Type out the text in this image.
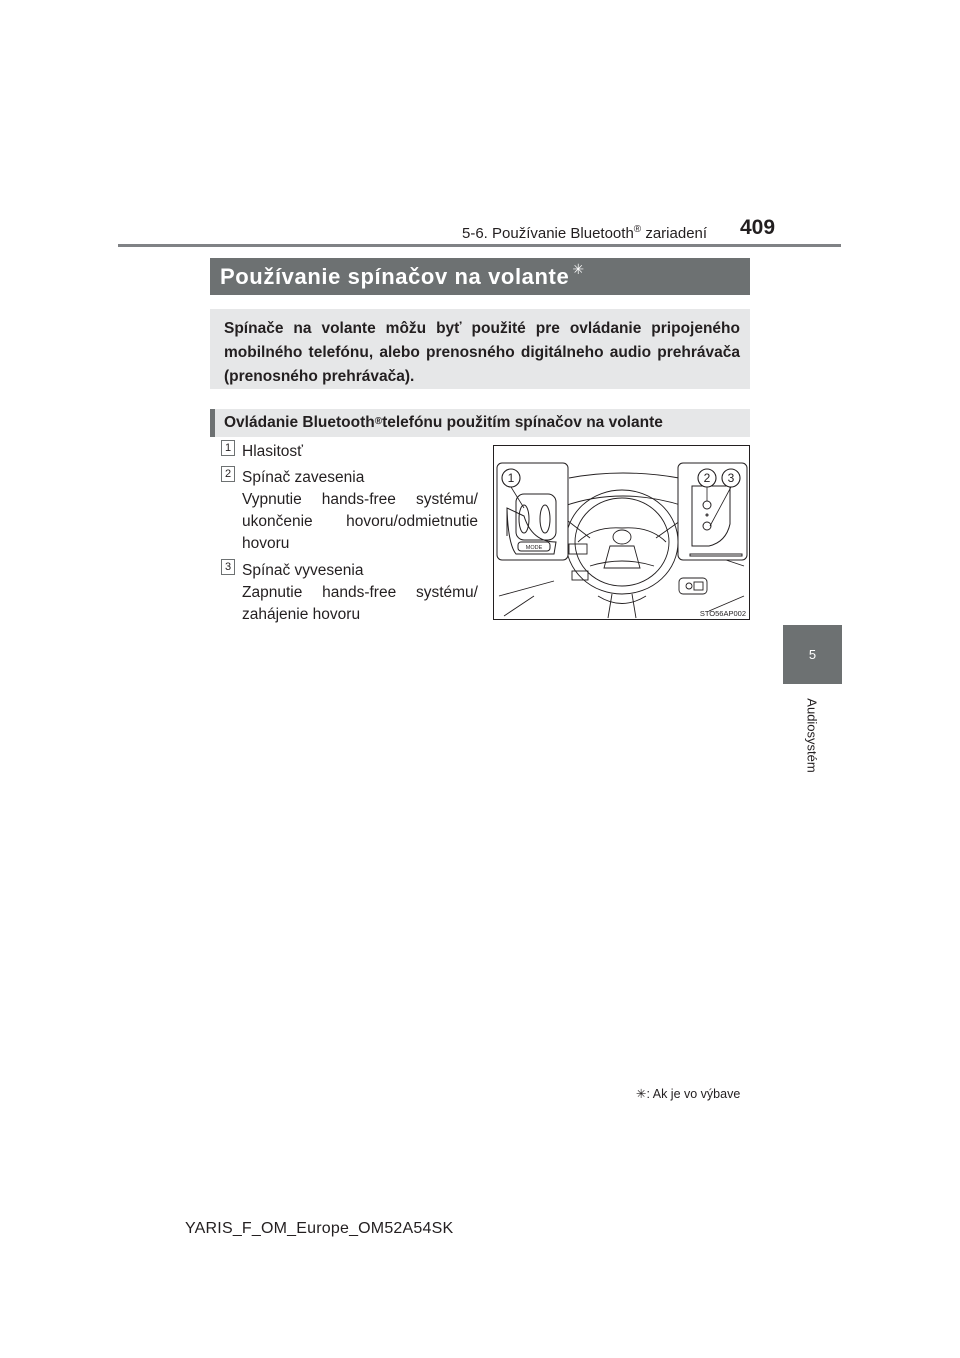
5-6. Používanie Bluetooth® zariadení 409
5
Audiosystém
Používanie spínačov na volante ✳
Spínače na volante môžu byť použité pre ovládanie pripojeného mobilného telefónu, alebo prenosného digitálneho audio prehrávača (prenosného prehrávača).
Ovládanie Bluetooth® telefónu použitím spínačov na volante
1 Hlasitosť
2 Spínač zavesenia
Vypnutie hands-free systému/ ukončenie hovoru/odmietnutie hovoru
3 Spínač vyvesenia
Zapnutie hands-free systému/ zahájenie hovoru
MODE
1	2 3
STO56AP002
✳: Ak je vo výbave
YARIS_F_OM_Europe_OM52A54SK
